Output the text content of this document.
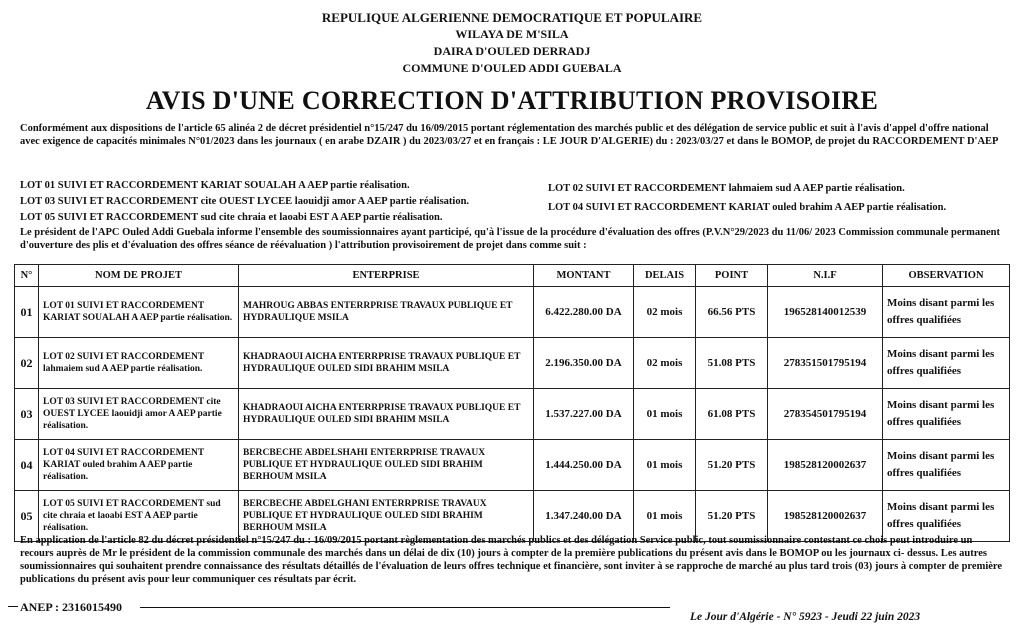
REPULIQUE ALGERIENNE DEMOCRATIQUE ET POPULAIRE
WILAYA DE M'SILA
DAIRA D'OULED DERRADJ
COMMUNE D'OULED ADDI GUEBALA
AVIS D'UNE CORRECTION D'ATTRIBUTION PROVISOIRE
Conformément aux dispositions de l'article 65 alinéa 2 de décret présidentiel n°15/247 du 16/09/2015 portant réglementation des marchés public et des délégation de service public et suit à l'avis d'appel d'offre national avec exigence de capacités minimales N°01/2023 dans les journaux ( en arabe DZAIR ) du 2023/03/27 et en français : LE JOUR D'ALGERIE) du : 2023/03/27 et dans le BOMOP, de projet du RACCORDEMENT D'AEP
LOT 01 SUIVI ET RACCORDEMENT KARIAT SOUALAH A AEP partie réalisation.	LOT 02 SUIVI ET RACCORDEMENT lahmaiem sud A AEP partie réalisation.
LOT 03 SUIVI ET RACCORDEMENT cite OUEST LYCEE laouidji amor A AEP partie réalisation.
LOT 04 SUIVI ET RACCORDEMENT KARIAT ouled brahim A AEP partie réalisation.
LOT 05 SUIVI ET RACCORDEMENT sud cite chraia et laoabi EST A AEP partie réalisation.
Le président de l'APC Ouled Addi Guebala informe l'ensemble des soumissionnaires ayant participé, qu'à l'issue de la procédure d'évaluation des offres (P.V.N°29/2023 du 11/06/ 2023 Commission communale permanent d'ouverture des plis et d'évaluation des offres séance de réévaluation ) l'attribution provisoirement de projet dans comme suit :
N°	NOM DE PROJET	ENTERPRISE	MONTANT	DELAIS	POINT	N.I.F	OBSERVATION
01	LOT 01 SUIVI ET RACCORDEMENT KARIAT SOUALAH A AEP partie réalisation.	MAHROUG ABBAS ENTERRPRISE TRAVAUX PUBLIQUE ET HYDRAULIQUE MSILA	6.422.280.00 DA	02 mois	66.56 PTS	196528140012539	Moins disant parmi les offres qualifiées
02	LOT 02 SUIVI ET RACCORDEMENT lahmaiem sud A AEP partie réalisation.	KHADRAOUI AICHA ENTERRPRISE TRAVAUX PUBLIQUE ET HYDRAULIQUE OULED SIDI BRAHIM MSILA	2.196.350.00 DA	02 mois	51.08 PTS	278351501795194	Moins disant parmi les offres qualifiées
03	LOT 03 SUIVI ET RACCORDEMENT cite OUEST LYCEE laouidji amor A AEP partie réalisation.	KHADRAOUI AICHA ENTERRPRISE TRAVAUX PUBLIQUE ET HYDRAULIQUE OULED SIDI BRAHIM MSILA	1.537.227.00 DA	01 mois	61.08 PTS	278354501795194	Moins disant parmi les offres qualifiées
04	LOT 04 SUIVI ET RACCORDEMENT KARIAT ouled brahim A AEP partie réalisation.	BERCBECHE ABDELSHAHI ENTERRPRISE TRAVAUX PUBLIQUE ET HYDRAULIQUE OULED SIDI BRAHIM BERHOUM MSILA	1.444.250.00 DA	01 mois	51.20 PTS	198528120002637	Moins disant parmi les offres qualifiées
05	LOT 05 SUIVI ET RACCORDEMENT sud cite chraia et laoabi EST A AEP partie réalisation.	BERCBECHE ABDELGHANI ENTERRPRISE TRAVAUX PUBLIQUE ET HYDRAULIQUE OULED SIDI BRAHIM BERHOUM MSILA	1.347.240.00 DA	01 mois	51.20 PTS	198528120002637	Moins disant parmi les offres qualifiées
En application de l'article 82 du décret présidentiel n°15/247 du : 16/09/2015 portant règlementation des marchés publics et des délégation Service public, tout soumissionnaire contestant ce chois peut introduire un recours auprès de Mr le président de la commission communale des marchés dans un délai de dix (10) jours à compter de la première publications du présent avis dans le BOMOP ou les journaux ci- dessus. Les autres soumissionnaires qui souhaitent prendre connaissance des résultats détaillés de l'évaluation de leurs offres technique et financière, sont inviter à se rapproche de marché au plus tard trois (03) jours à compter de première publications du présent avis pour leur communiquer ces résultats par écrit.
ANEP : 2316015490
Le Jour d'Algérie - N° 5923 - Jeudi 22 juin 2023
